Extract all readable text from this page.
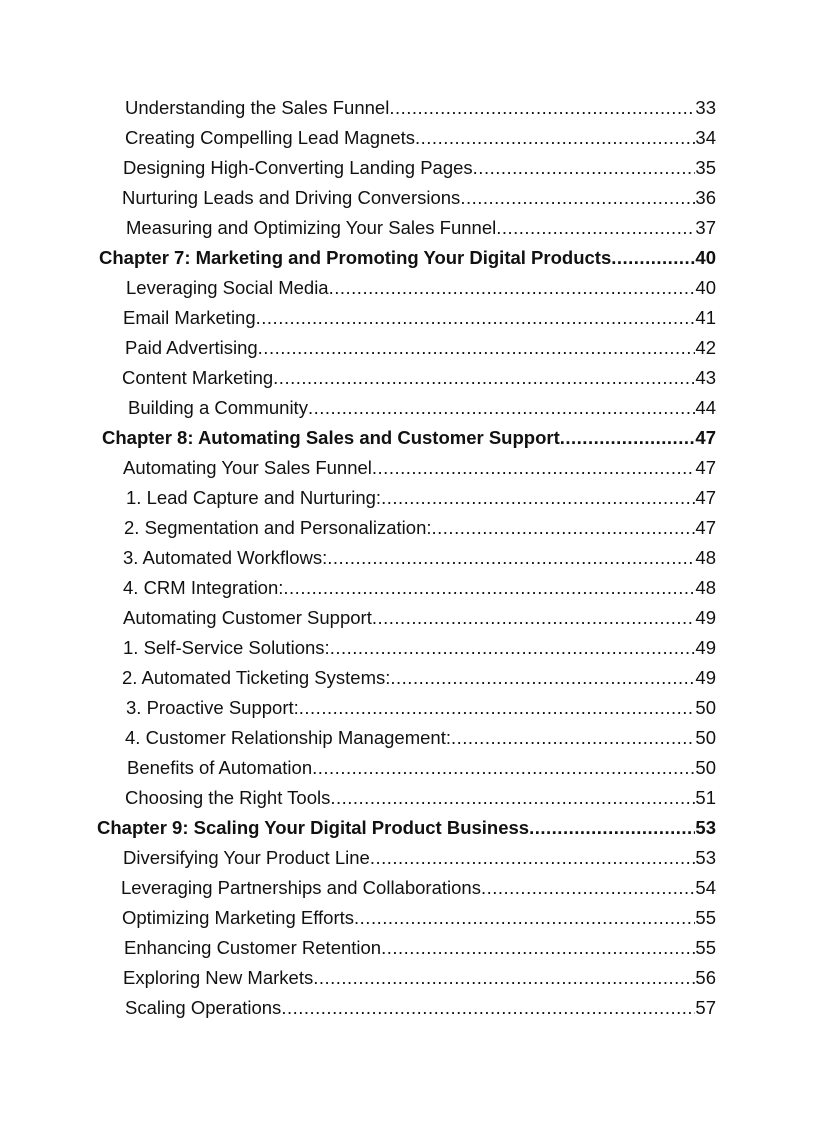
Understanding the Sales Funnel .....	33
Creating Compelling Lead Magnets .....	34
Designing High-Converting Landing Pages .....	35
Nurturing Leads and Driving Conversions .....	36
Measuring and Optimizing Your Sales Funnel .....	37
Chapter 7: Marketing and Promoting Your Digital Products .....	40
Leveraging Social Media .....	40
Email Marketing .....	41
Paid Advertising .....	42
Content Marketing .....	43
Building a Community .....	44
Chapter 8: Automating Sales and Customer Support .....	47
Automating Your Sales Funnel .....	47
1. Lead Capture and Nurturing: .....	47
2. Segmentation and Personalization: .....	47
3. Automated Workflows: .....	48
4. CRM Integration: .....	48
Automating Customer Support .....	49
1. Self-Service Solutions: .....	49
2. Automated Ticketing Systems: .....	49
3. Proactive Support: .....	50
4. Customer Relationship Management: .....	50
Benefits of Automation .....	50
Choosing the Right Tools .....	51
Chapter 9: Scaling Your Digital Product Business .....	53
Diversifying Your Product Line .....	53
Leveraging Partnerships and Collaborations .....	54
Optimizing Marketing Efforts .....	55
Enhancing Customer Retention .....	55
Exploring New Markets .....	56
Scaling Operations .....	57
